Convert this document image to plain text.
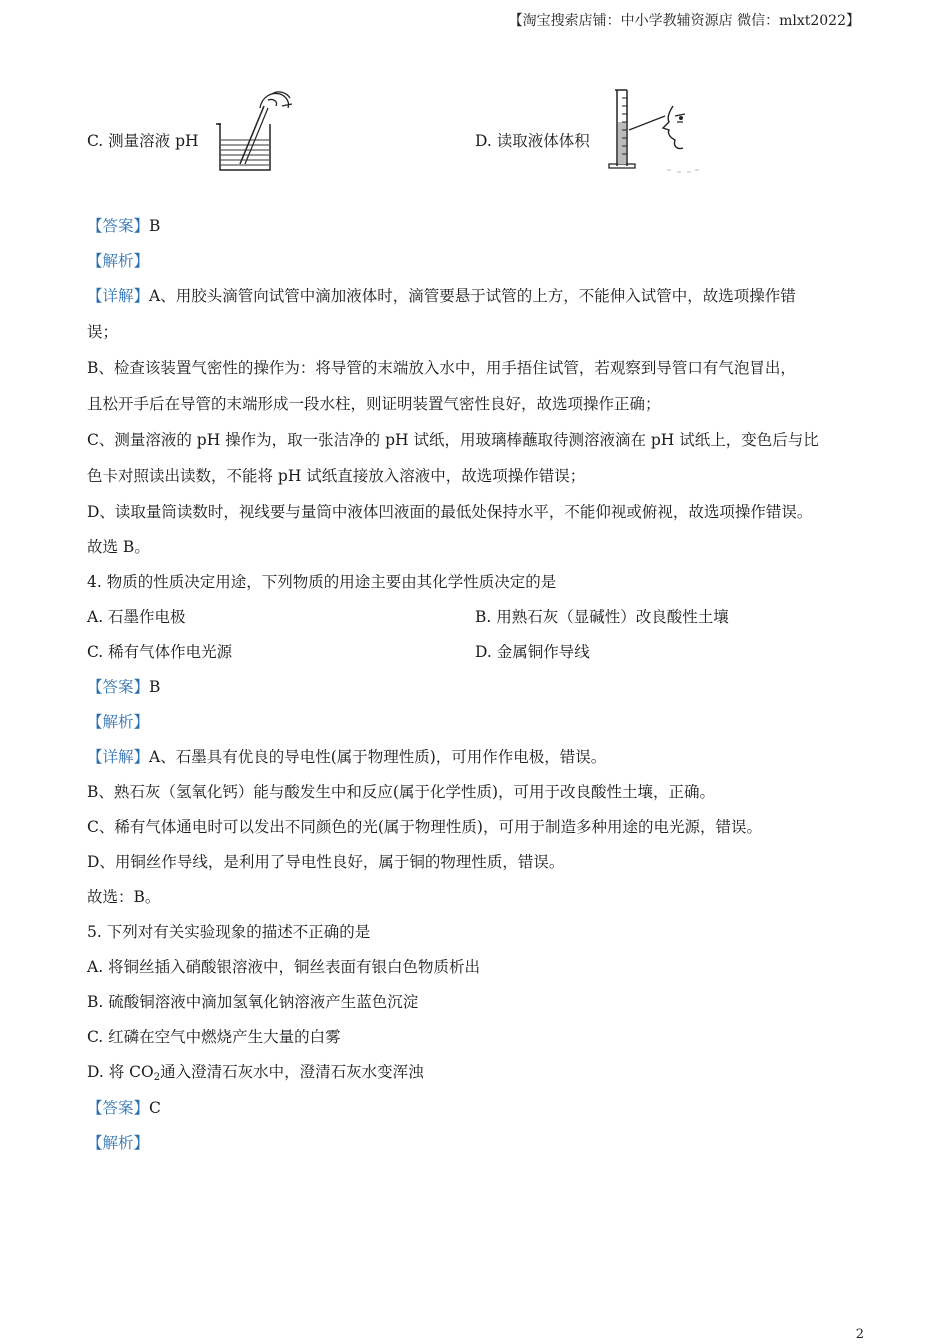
【淘宝搜索店铺：中小学教辅资源店 微信：mlxt2022】
C. 测量溶液 pH	D. 读取液体体积
【答案】B
【解析】
【详解】A、用胶头滴管向试管中滴加液体时，滴管要悬于试管的上方，不能伸入试管中，故选项操作错
误；
B、检查该装置气密性的操作为：将导管的末端放入水中，用手捂住试管，若观察到导管口有气泡冒出，
且松开手后在导管的末端形成一段水柱，则证明装置气密性良好，故选项操作正确；
C、测量溶液的 pH 操作为，取一张洁净的 pH 试纸，用玻璃棒蘸取待测溶液滴在 pH 试纸上，变色后与比
色卡对照读出读数，不能将 pH 试纸直接放入溶液中，故选项操作错误；
D、读取量筒读数时，视线要与量筒中液体凹液面的最低处保持水平，不能仰视或俯视，故选项操作错误。
故选 B。
4. 物质的性质决定用途，下列物质的用途主要由其化学性质决定的是
A. 石墨作电极	B. 用熟石灰（显碱性）改良酸性土壤
C. 稀有气体作电光源	D. 金属铜作导线
【答案】B
【解析】
【详解】A、石墨具有优良的导电性(属于物理性质)，可用作作电极，错误。
B、熟石灰（氢氧化钙）能与酸发生中和反应(属于化学性质)，可用于改良酸性土壤，正确。
C、稀有气体通电时可以发出不同颜色的光(属于物理性质)，可用于制造多种用途的电光源，错误。
D、用铜丝作导线，是利用了导电性良好，属于铜的物理性质，错误。
故选：B。
5. 下列对有关实验现象的描述不正确的是
A. 将铜丝插入硝酸银溶液中，铜丝表面有银白色物质析出
B. 硫酸铜溶液中滴加氢氧化钠溶液产生蓝色沉淀
C. 红磷在空气中燃烧产生大量的白雾
D. 将 $CO_2$通入澄清石灰水中，澄清石灰水变浑浊
【答案】C
【解析】
2
